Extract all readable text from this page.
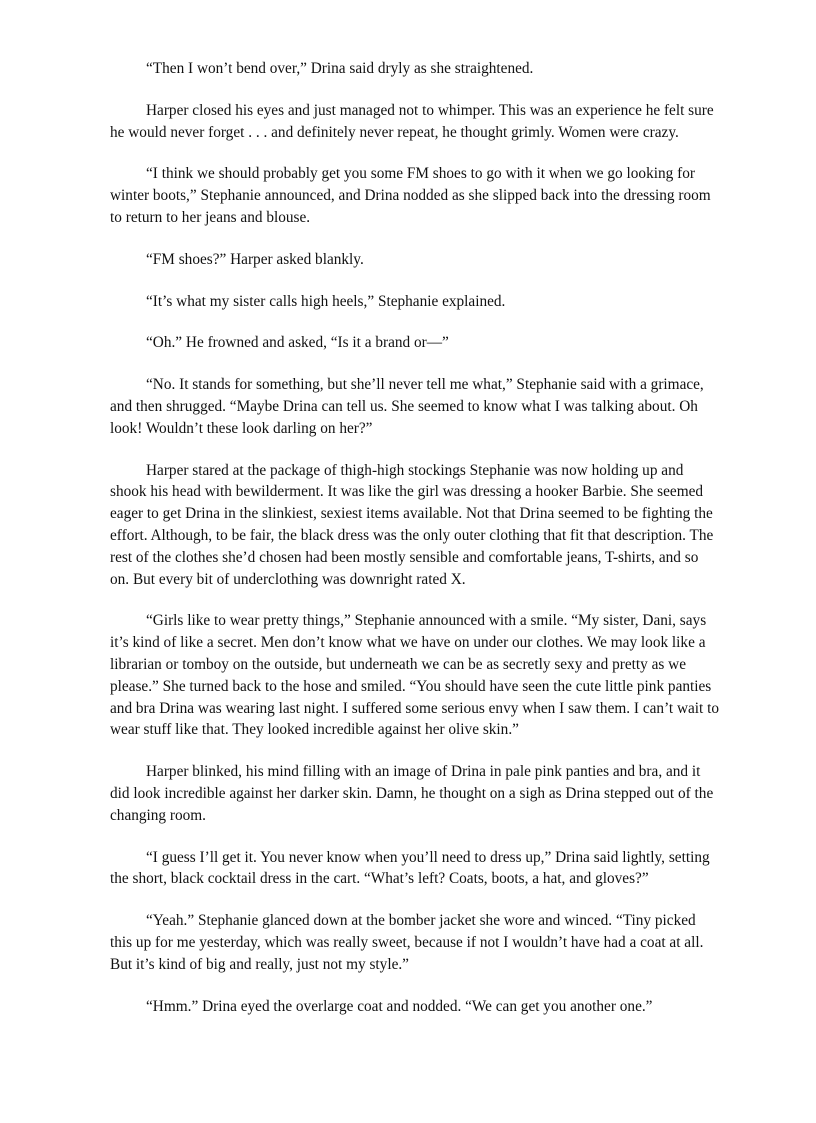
“Then I won’t bend over,” Drina said dryly as she straightened.

Harper closed his eyes and just managed not to whimper. This was an experience he felt sure he would never forget . . . and definitely never repeat, he thought grimly. Women were crazy.

“I think we should probably get you some FM shoes to go with it when we go looking for winter boots,” Stephanie announced, and Drina nodded as she slipped back into the dressing room to return to her jeans and blouse.

“FM shoes?” Harper asked blankly.

“It’s what my sister calls high heels,” Stephanie explained.

“Oh.” He frowned and asked, “Is it a brand or—”

“No. It stands for something, but she’ll never tell me what,” Stephanie said with a grimace, and then shrugged. “Maybe Drina can tell us. She seemed to know what I was talking about. Oh look! Wouldn’t these look darling on her?”

Harper stared at the package of thigh-high stockings Stephanie was now holding up and shook his head with bewilderment. It was like the girl was dressing a hooker Barbie. She seemed eager to get Drina in the slinkiest, sexiest items available. Not that Drina seemed to be fighting the effort. Although, to be fair, the black dress was the only outer clothing that fit that description. The rest of the clothes she’d chosen had been mostly sensible and comfortable jeans, T-shirts, and so on. But every bit of underclothing was downright rated X.

“Girls like to wear pretty things,” Stephanie announced with a smile. “My sister, Dani, says it’s kind of like a secret. Men don’t know what we have on under our clothes. We may look like a librarian or tomboy on the outside, but underneath we can be as secretly sexy and pretty as we please.” She turned back to the hose and smiled. “You should have seen the cute little pink panties and bra Drina was wearing last night. I suffered some serious envy when I saw them. I can’t wait to wear stuff like that. They looked incredible against her olive skin.”

Harper blinked, his mind filling with an image of Drina in pale pink panties and bra, and it did look incredible against her darker skin. Damn, he thought on a sigh as Drina stepped out of the changing room.

“I guess I’ll get it. You never know when you’ll need to dress up,” Drina said lightly, setting the short, black cocktail dress in the cart. “What’s left? Coats, boots, a hat, and gloves?”

“Yeah.” Stephanie glanced down at the bomber jacket she wore and winced. “Tiny picked this up for me yesterday, which was really sweet, because if not I wouldn’t have had a coat at all. But it’s kind of big and really, just not my style.”

“Hmm.” Drina eyed the overlarge coat and nodded. “We can get you another one.”
